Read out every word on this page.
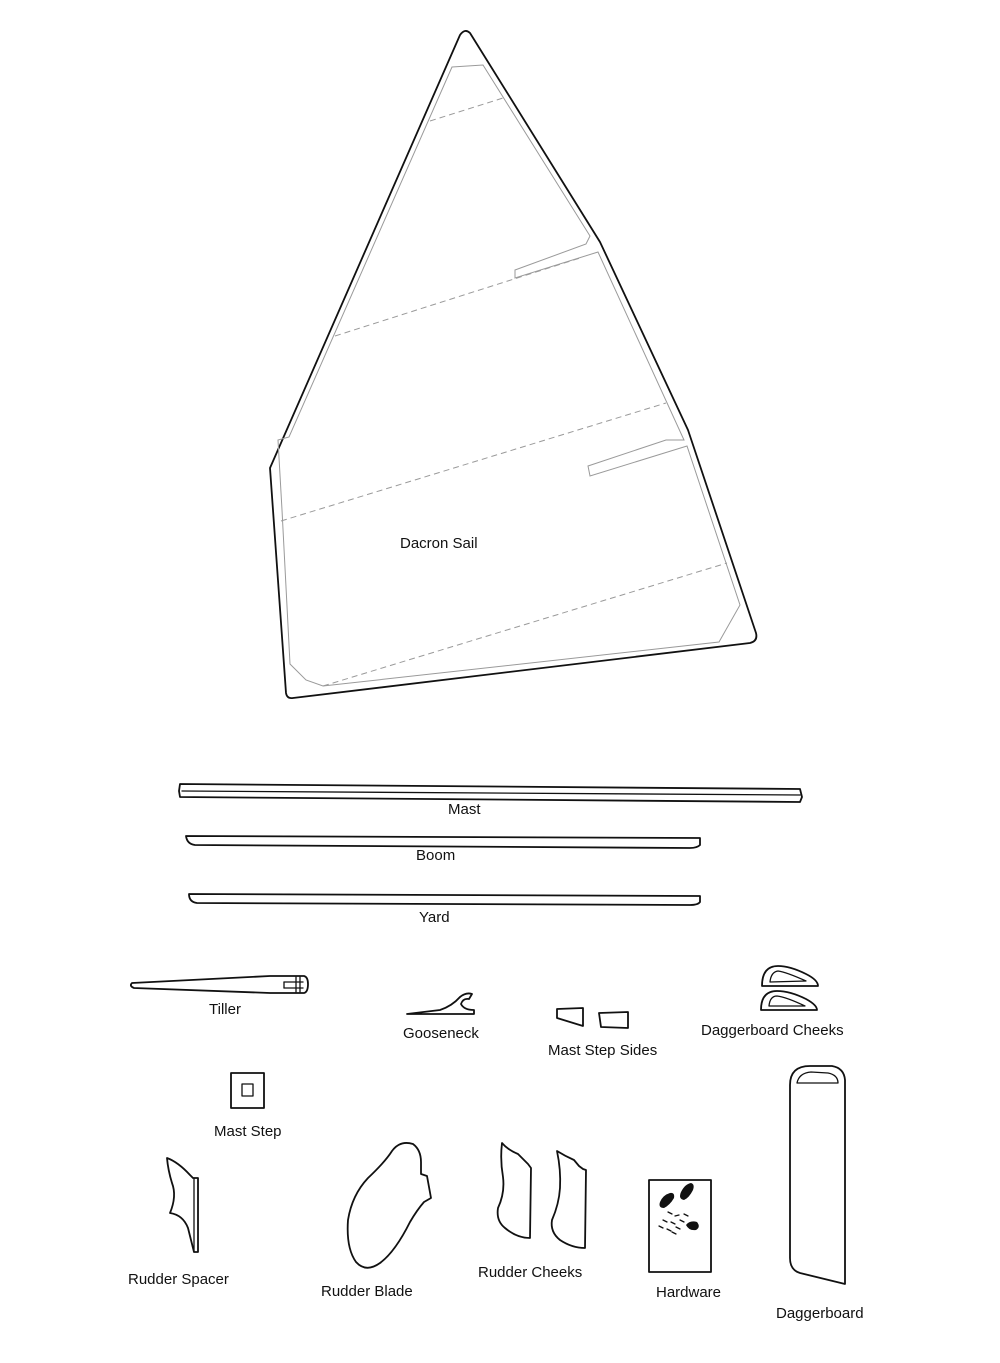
Dacron Sail
Mast
Boom
Yard
Tiller
Gooseneck
Mast Step Sides
Daggerboard Cheeks
Mast Step
Rudder Spacer
Rudder Blade
Rudder Cheeks
Hardware
Daggerboard
